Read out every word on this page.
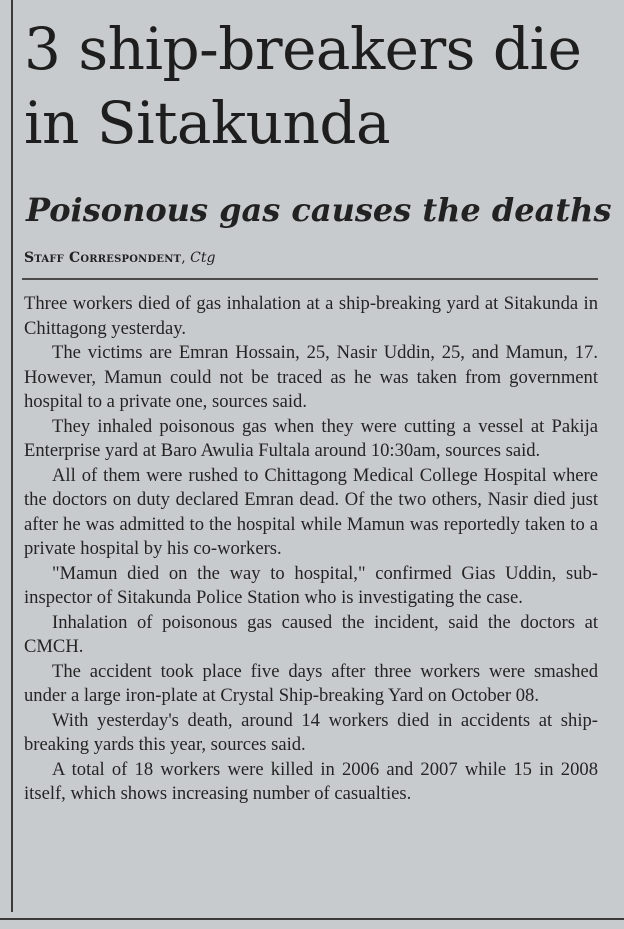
3 ship-breakers die in Sitakunda
Poisonous gas causes the deaths
Staff Correspondent, Ctg

Three workers died of gas inhalation at a ship-breaking yard at Sitakunda in Chittagong yesterday.

The victims are Emran Hossain, 25, Nasir Uddin, 25, and Mamun, 17. However, Mamun could not be traced as he was taken from government hospital to a private one, sources said.

They inhaled poisonous gas when they were cutting a vessel at Pakija Enterprise yard at Baro Awulia Fultala around 10:30am, sources said.

All of them were rushed to Chittagong Medical College Hospital where the doctors on duty declared Emran dead. Of the two others, Nasir died just after he was admitted to the hospital while Mamun was reportedly taken to a private hospital by his co-workers.

"Mamun died on the way to hospital," confirmed Gias Uddin, sub-inspector of Sitakunda Police Station who is investigating the case.

Inhalation of poisonous gas caused the incident, said the doctors at CMCH.

The accident took place five days after three workers were smashed under a large iron-plate at Crystal Ship-breaking Yard on October 08.

With yesterday's death, around 14 workers died in accidents at ship-breaking yards this year, sources said.

A total of 18 workers were killed in 2006 and 2007 while 15 in 2008 itself, which shows increasing number of casualties.
